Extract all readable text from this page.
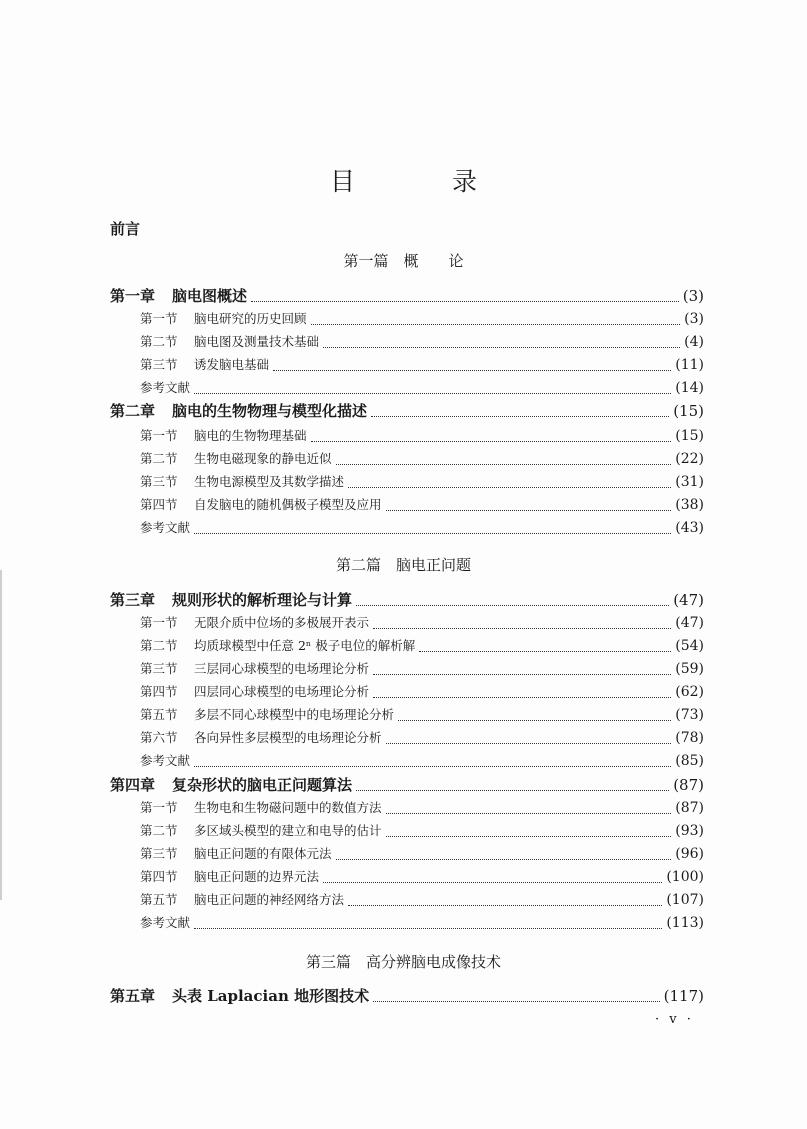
目　录
前言
第一篇　概　　论
第二篇　脑电正问题
第三篇　高分辨脑电成像技术
第一章 脑电图概述	(3)
第一节 脑电研究的历史回顾	(3)
第二节 脑电图及测量技术基础	(4)
第三节 诱发脑电基础	(11)
参考文献	(14)
第二章 脑电的生物物理与模型化描述	(15)
第一节 脑电的生物物理基础	(15)
第二节 生物电磁现象的静电近似	(22)
第三节 生物电源模型及其数学描述	(31)
第四节 自发脑电的随机偶极子模型及应用	(38)
参考文献	(43)
第三章 规则形状的解析理论与计算	(47)
第一节 无限介质中位场的多极展开表示	(47)
第二节 均质球模型中任意 2ⁿ 极子电位的解析解	(54)
第三节 三层同心球模型的电场理论分析	(59)
第四节 四层同心球模型的电场理论分析	(62)
第五节 多层不同心球模型中的电场理论分析	(73)
第六节 各向异性多层模型的电场理论分析	(78)
参考文献	(85)
第四章 复杂形状的脑电正问题算法	(87)
第一节 生物电和生物磁问题中的数值方法	(87)
第二节 多区域头模型的建立和电导的估计	(93)
第三节 脑电正问题的有限体元法	(96)
第四节 脑电正问题的边界元法	(100)
第五节 脑电正问题的神经网络方法	(107)
参考文献	(113)
第五章 头表 Laplacian 地形图技术	(117)
· v ·
